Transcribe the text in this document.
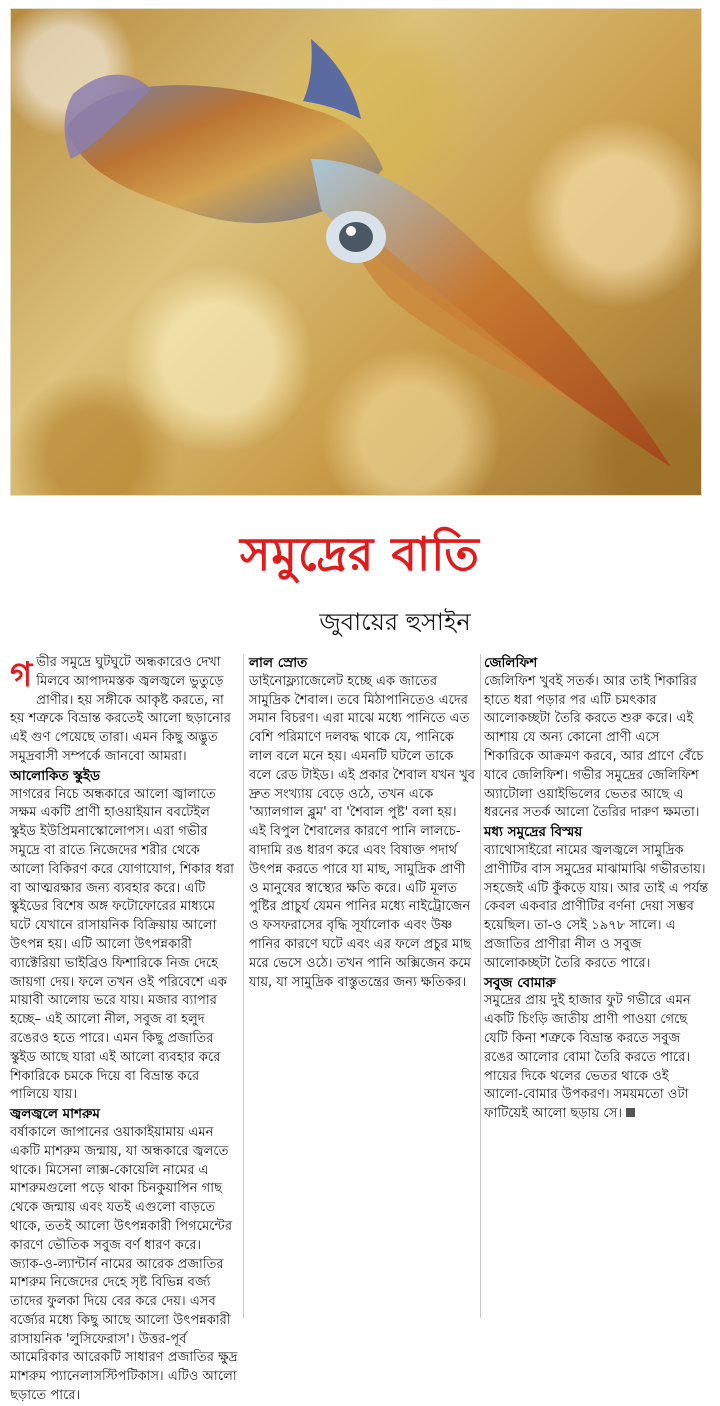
সমুদ্রের বাতি
জুবায়ের হুসাইন

গ ভীর সমুদ্রে ঘুটঘুটে অন্ধকারেও দেখা মিলবে আপাদমস্তক জ্বলজ্বলে ভুতুড়ে প্রাণীর। হয় সঙ্গীকে আকৃষ্ট করতে, না হয় শত্রুকে বিভ্রান্ত করতেই আলো ছড়ানোর এই গুণ পেয়েছে তারা। এমন কিছু অদ্ভুত সমুদ্রবাসী সম্পর্কে জানবো আমরা।

আলোকিত স্কুইড

সাগরের নিচে অন্ধকারে আলো জ্বালাতে সক্ষম একটি প্রাণী হাওয়াইয়ান ববটেইল স্কুইড ইউপ্রিমনাস্কোলোপস। এরা গভীর সমুদ্রে বা রাতে নিজেদের শরীর থেকে আলো বিকিরণ করে যোগাযোগ, শিকার ধরা বা আত্মরক্ষার জন্য ব্যবহার করে। এটি স্কুইডের বিশেষ অঙ্গ ফটোফোরের মাধ্যমে ঘটে যেখানে রাসায়নিক বিক্রিয়ায় আলো উৎপন্ন হয়। এটি আলো উৎপন্নকারী ব্যাক্টেরিয়া ভাইব্রিও ফিশারিকে নিজ দেহে জায়গা দেয়। ফলে তখন ওই পরিবেশে এক মায়াবী আলোয় ভরে যায়। মজার ব্যাপার হচ্ছে– এই আলো নীল, সবুজ বা হলুদ রঙেরও হতে পারে। এমন কিছু প্রজাতির স্কুইড আছে যারা এই আলো ব্যবহার করে শিকারিকে চমকে দিয়ে বা বিভ্রান্ত করে পালিয়ে যায়।

জ্বলজ্বলে মাশরুম

বর্ষাকালে জাপানের ওয়াকাইয়ামায় এমন একটি মাশরুম জন্মায়, যা অন্ধকারে জ্বলতে থাকে। মিসেনা লাক্স-কোয়েলি নামের এ মাশরুমগুলো পড়ে থাকা চিনকুয়াপিন গাছ থেকে জন্মায় এবং যতই এগুলো বাড়তে থাকে, ততই আলো উৎপন্নকারী পিগমেন্টের কারণে ভৌতিক সবুজ বর্ণ ধারণ করে। জ্যাক-ও-ল্যান্টার্ন নামের আরেক প্রজাতির মাশরুম নিজেদের দেহে সৃষ্ট বিভিন্ন বর্জ্য তাদের ফুলকা দিয়ে বের করে দেয়। এসব বর্জ্যের মধ্যে কিছু আছে আলো উৎপন্নকারী রাসায়নিক 'লুসিফেরাস'। উত্তর-পূর্ব আমেরিকার আরেকটি সাধারণ প্রজাতির ক্ষুদ্র মাশরুম প্যানেলাসস্টিপটিকাস। এটিও আলো ছড়াতে পারে।

লাল স্রোত

ডাইনোফ্ল্যাজেলেট হচ্ছে এক জাতের সামুদ্রিক শৈবাল। তবে মিঠাপানিতেও এদের সমান বিচরণ। এরা মাঝে মধ্যে পানিতে এত বেশি পরিমাণে দলবদ্ধ থাকে যে, পানিকে লাল বলে মনে হয়। এমনটি ঘটলে তাকে বলে রেড টাইড। এই প্রকার শৈবাল যখন খুব দ্রুত সংখ্যায় বেড়ে ওঠে, তখন একে 'অ্যালগাল ব্লুম' বা 'শৈবাল পুষ্ট' বলা হয়। এই বিপুল শৈবালের কারণে পানি লালচে-বাদামি রঙ ধারণ করে এবং বিষাক্ত পদার্থ উৎপন্ন করতে পারে যা মাছ, সামুদ্রিক প্রাণী ও মানুষের স্বাস্থ্যের ক্ষতি করে। এটি মূলত পুষ্টির প্রাচুর্য যেমন পানির মধ্যে নাইট্রোজেন ও ফসফরাসের বৃদ্ধি সূর্যালোক এবং উষ্ণ পানির কারণে ঘটে এবং এর ফলে প্রচুর মাছ মরে ভেসে ওঠে। তখন পানি অক্সিজেন কমে যায়, যা সামুদ্রিক বাস্তুতন্ত্রের জন্য ক্ষতিকর।

জেলিফিশ

জেলিফিশ খুবই সতর্ক। আর তাই শিকারির হাতে ধরা পড়ার পর এটি চমৎকার আলোকচ্ছটা তৈরি করতে শুরু করে। এই আশায় যে অন্য কোনো প্রাণী এসে শিকারিকে আক্রমণ করবে, আর প্রাণে বেঁচে যাবে জেলিফিশ। গভীর সমুদ্রের জেলিফিশ অ্যাটোলা ওয়াইভিলের ভেতর আছে এ ধরনের সতর্ক আলো তৈরির দারুণ ক্ষমতা।

মধ্য সমুদ্রের বিস্ময়

ব্যাথোসাইরো নামের জ্বলজ্বলে সামুদ্রিক প্রাণীটির বাস সমুদ্রের মাঝামাঝি গভীরতায়। সহজেই এটি কুঁকড়ে যায়। আর তাই এ পর্যন্ত কেবল একবার প্রাণীটির বর্ণনা দেয়া সম্ভব হয়েছিল। তা-ও সেই ১৯৭৮ সালে। এ প্রজাতির প্রাণীরা নীল ও সবুজ আলোকচ্ছটা তৈরি করতে পারে।

সবুজ বোমারু

সমুদ্রের প্রায় দুই হাজার ফুট গভীরে এমন একটি চিংড়ি জাতীয় প্রাণী পাওয়া গেছে যেটি কিনা শত্রুকে বিভ্রান্ত করতে সবুজ রঙের আলোর বোমা তৈরি করতে পারে। পায়ের দিকে থলের ভেতর থাকে ওই আলো-বোমার উপকরণ। সময়মতো ওটা ফাটিয়েই আলো ছড়ায় সে।
